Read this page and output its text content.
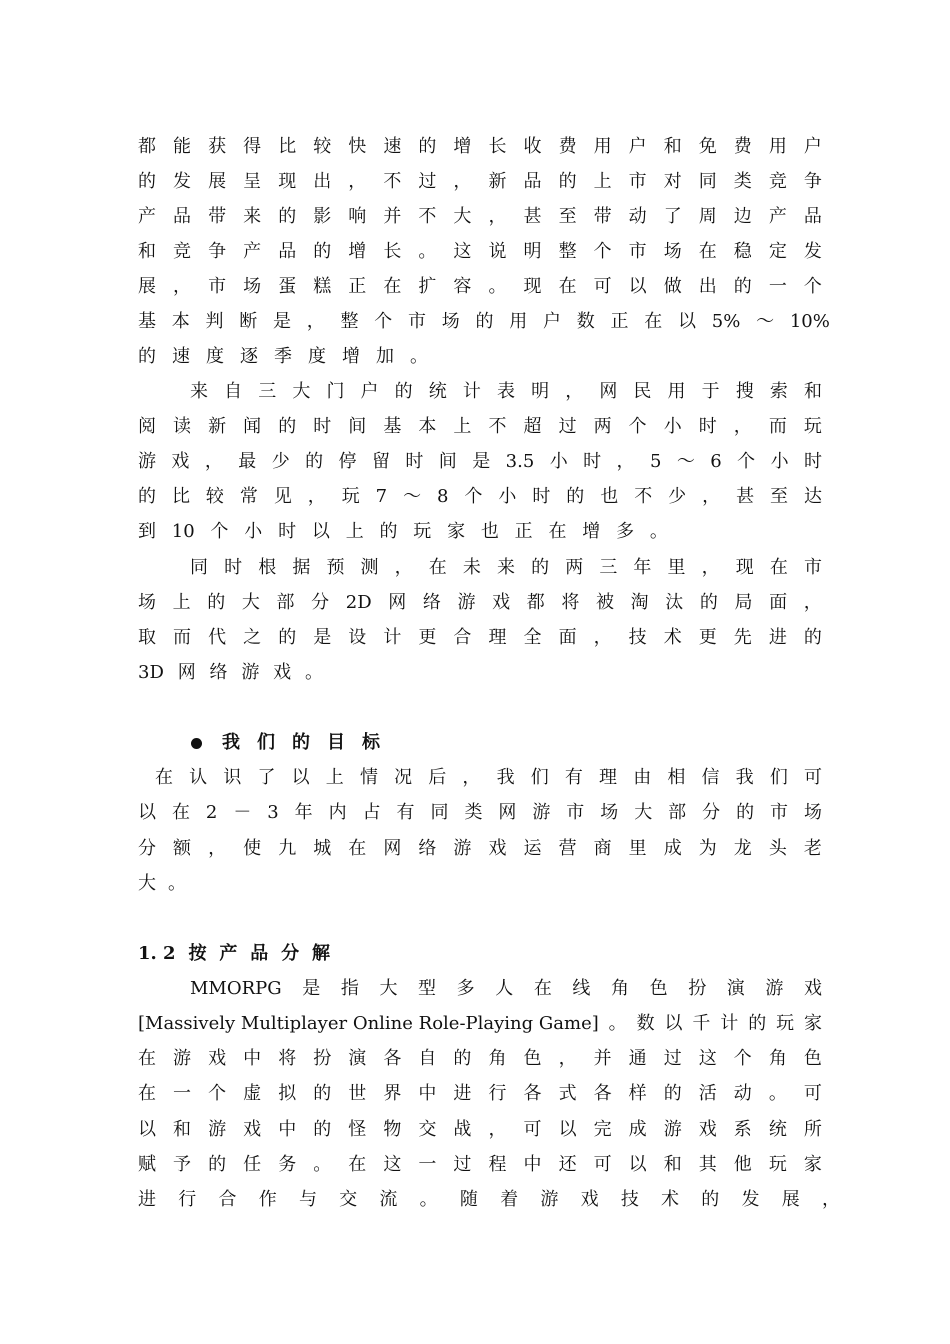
都 能 获 得 比 较 快 速 的 增 长 收 费 用 户 和 免 费 用 户
的 发 展 呈 现 出 ， 不 过 ， 新 品 的 上 市 对 同 类 竞 争
产 品 带 来 的 影 响 并 不 大 ， 甚 至 带 动 了 周 边 产 品
和 竞 争 产 品 的 增 长 。 这 说 明 整 个 市 场 在 稳 定 发
展 ， 市 场 蛋 糕 正 在 扩 容 。 现 在 可 以 做 出 的 一 个
基 本 判 断 是 ， 整 个 市 场 的 用 户 数 正 在 以 5% ～ 10%
的 速 度 逐 季 度 增 加 。
来 自 三 大 门 户 的 统 计 表 明 ， 网 民 用 于 搜 索 和
阅 读 新 闻 的 时 间 基 本 上 不 超 过 两 个 小 时 ， 而 玩
游 戏 ， 最 少 的 停 留 时 间 是 3.5 小 时 ， 5 ～ 6 个 小 时
的 比 较 常 见 ， 玩 7 ～ 8 个 小 时 的 也 不 少 ， 甚 至 达
到 10 个 小 时 以 上 的 玩 家 也 正 在 增 多 。
同 时 根 据 预 测 ， 在 未 来 的 两 三 年 里 ， 现 在 市
场 上 的 大 部 分 2D 网 络 游 戏 都 将 被 淘 汰 的 局 面 ，
取 而 代 之 的 是 设 计 更 合 理 全 面 ， 技 术 更 先 进 的
3D 网 络 游 戏 。
我 们 的 目 标
在 认 识 了 以 上 情 况 后 ， 我 们 有 理 由 相 信 我 们 可
以 在 2 － 3 年 内 占 有 同 类 网 游 市 场 大 部 分 的 市 场
分 额 ， 使 九 城 在 网 络 游 戏 运 营 商 里 成 为 龙 头 老
大 。
1. 2 按 产 品 分 解
MMORPG 是 指 大 型 多 人 在 线 角 色 扮 演 游 戏
[Massively Multiplayer Online Role-Playing Game] 。 数 以 千 计 的 玩 家
在 游 戏 中 将 扮 演 各 自 的 角 色 ， 并 通 过 这 个 角 色
在 一 个 虚 拟 的 世 界 中 进 行 各 式 各 样 的 活 动 。 可
以 和 游 戏 中 的 怪 物 交 战 ， 可 以 完 成 游 戏 系 统 所
赋 予 的 任 务 。 在 这 一 过 程 中 还 可 以 和 其 他 玩 家
进 行 合 作 与 交 流 。 随 着 游 戏 技 术 的 发 展 ，
